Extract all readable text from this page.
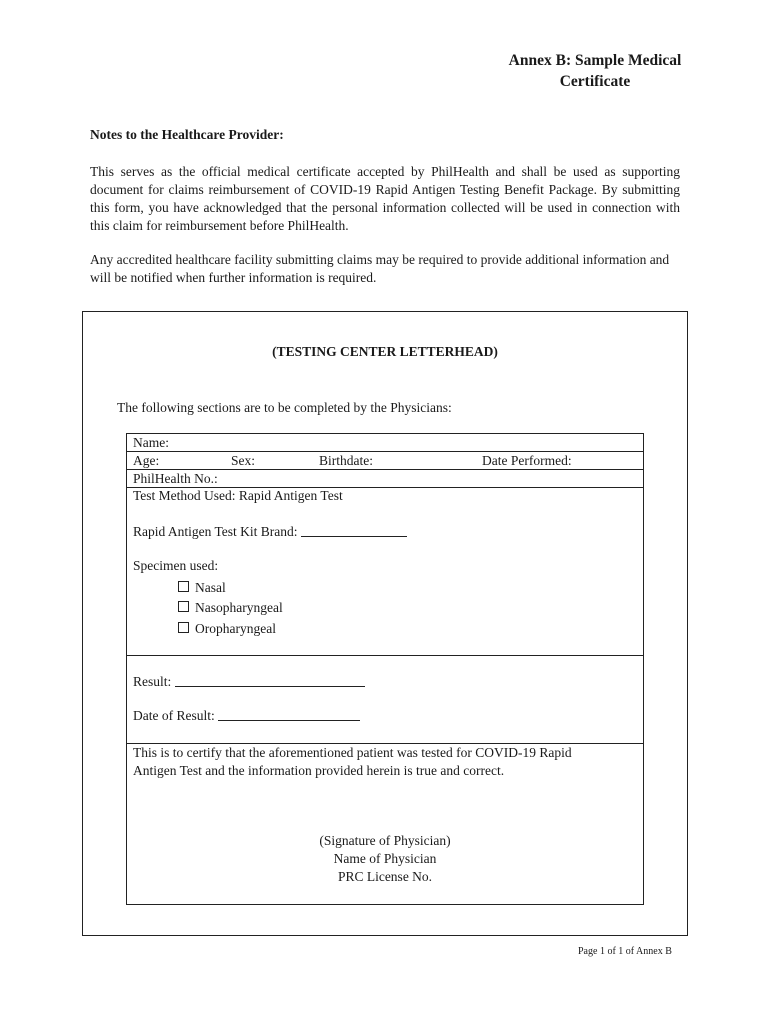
Annex B: Sample Medical
Certificate
Notes to the Healthcare Provider:
This serves as the official medical certificate accepted by PhilHealth and shall be used as supporting document for claims reimbursement of COVID-19 Rapid Antigen Testing Benefit Package. By submitting this form, you have acknowledged that the personal information collected will be used in connection with this claim for reimbursement before PhilHealth.
Any accredited healthcare facility submitting claims may be required to provide additional information and will be notified when further information is required.
(TESTING CENTER LETTERHEAD)
The following sections are to be completed by the Physicians:
Name:
Age:	Sex:	Birthdate:	Date Performed:
PhilHealth No.:
Test Method Used: Rapid Antigen Test
Rapid Antigen Test Kit Brand:
Specimen used:
Nasal
Nasopharyngeal
Oropharyngeal
Result:
Date of Result:
This is to certify that the aforementioned patient was tested for COVID-19 Rapid
Antigen Test and the information provided herein is true and correct.
(Signature of Physician)
Name of Physician
PRC License No.
Page 1 of 1 of Annex B
